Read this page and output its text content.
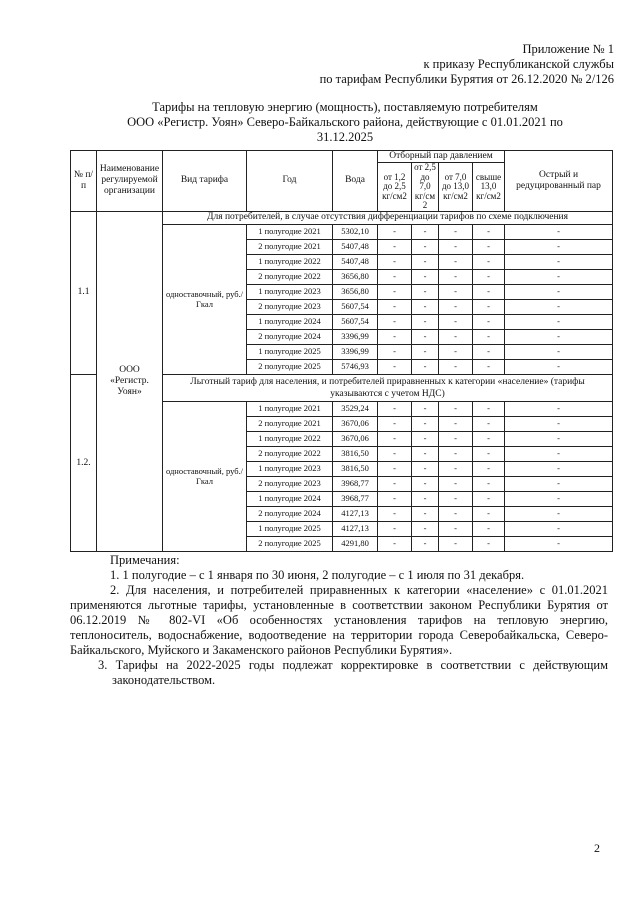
Приложение № 1
к приказу Республиканской службы
по тарифам Республики Бурятия от 26.12.2020 № 2/126
Тарифы на тепловую энергию (мощность), поставляемую потребителям
ООО «Регистр. Уоян» Северо-Байкальского района, действующие с 01.01.2021 по
31.12.2025
№ п/п	Наименование регулируемой организации	Вид тарифа	Год	Вода	Отборный пар давлением				Острый и редуцированный пар
					от 1,2 до 2,5 кг/см2	от 2,5 до 7,0 кг/см 2	от 7,0 до 13,0 кг/см2	свыше 13,0 кг/см2	
1.1	ООО «Регистр. Уоян»	Для потребителей, в случае отсутствия дифференциации тарифов по схеме подключения							
		одноставочный, руб./Гкал	1 полугодие 2021	5302,10	-	-	-	-	-
			2 полугодие 2021	5407,48	-	-	-	-	-
			1 полугодие 2022	5407,48	-	-	-	-	-
			2 полугодие 2022	3656,80	-	-	-	-	-
			1 полугодие 2023	3656,80	-	-	-	-	-
			2 полугодие 2023	5607,54	-	-	-	-	-
			1 полугодие 2024	5607,54	-	-	-	-	-
			2 полугодие 2024	3396,99	-	-	-	-	-
			1 полугодие 2025	3396,99	-	-	-	-	-
			2 полугодие 2025	5746,93	-	-	-	-	-
1.2.		Льготный тариф для населения, и потребителей приравненных к категории «население» (тарифы указываются с учетом НДС)							
		одноставочный, руб./Гкал	1 полугодие 2021	3529,24	-	-	-	-	-
			2 полугодие 2021	3670,06	-	-	-	-	-
			1 полугодие 2022	3670,06	-	-	-	-	-
			2 полугодие 2022	3816,50	-	-	-	-	-
			1 полугодие 2023	3816,50	-	-	-	-	-
			2 полугодие 2023	3968,77	-	-	-	-	-
			1 полугодие 2024	3968,77	-	-	-	-	-
			2 полугодие 2024	4127,13	-	-	-	-	-
			1 полугодие 2025	4127,13	-	-	-	-	-
			2 полугодие 2025	4291,80	-	-	-	-	-

Примечания:

1. 1 полугодие – с 1 января по 30 июня, 2 полугодие – с 1 июля по 31 декабря.

2. Для населения, и потребителей приравненных к категории «население» с 01.01.2021 применяются льготные тарифы, установленные в соответствии законом Республики Бурятия от 06.12.2019 № 802-VI «Об особенностях установления тарифов на тепловую энергию, теплоноситель, водоснабжение, водоотведение на территории города Северобайкальска, Северо-Байкальского, Муйского и Закаменского районов Республики Бурятия».

3. Тарифы на 2022-2025 годы подлежат корректировке в соответствии с действующим законодательством.

2
